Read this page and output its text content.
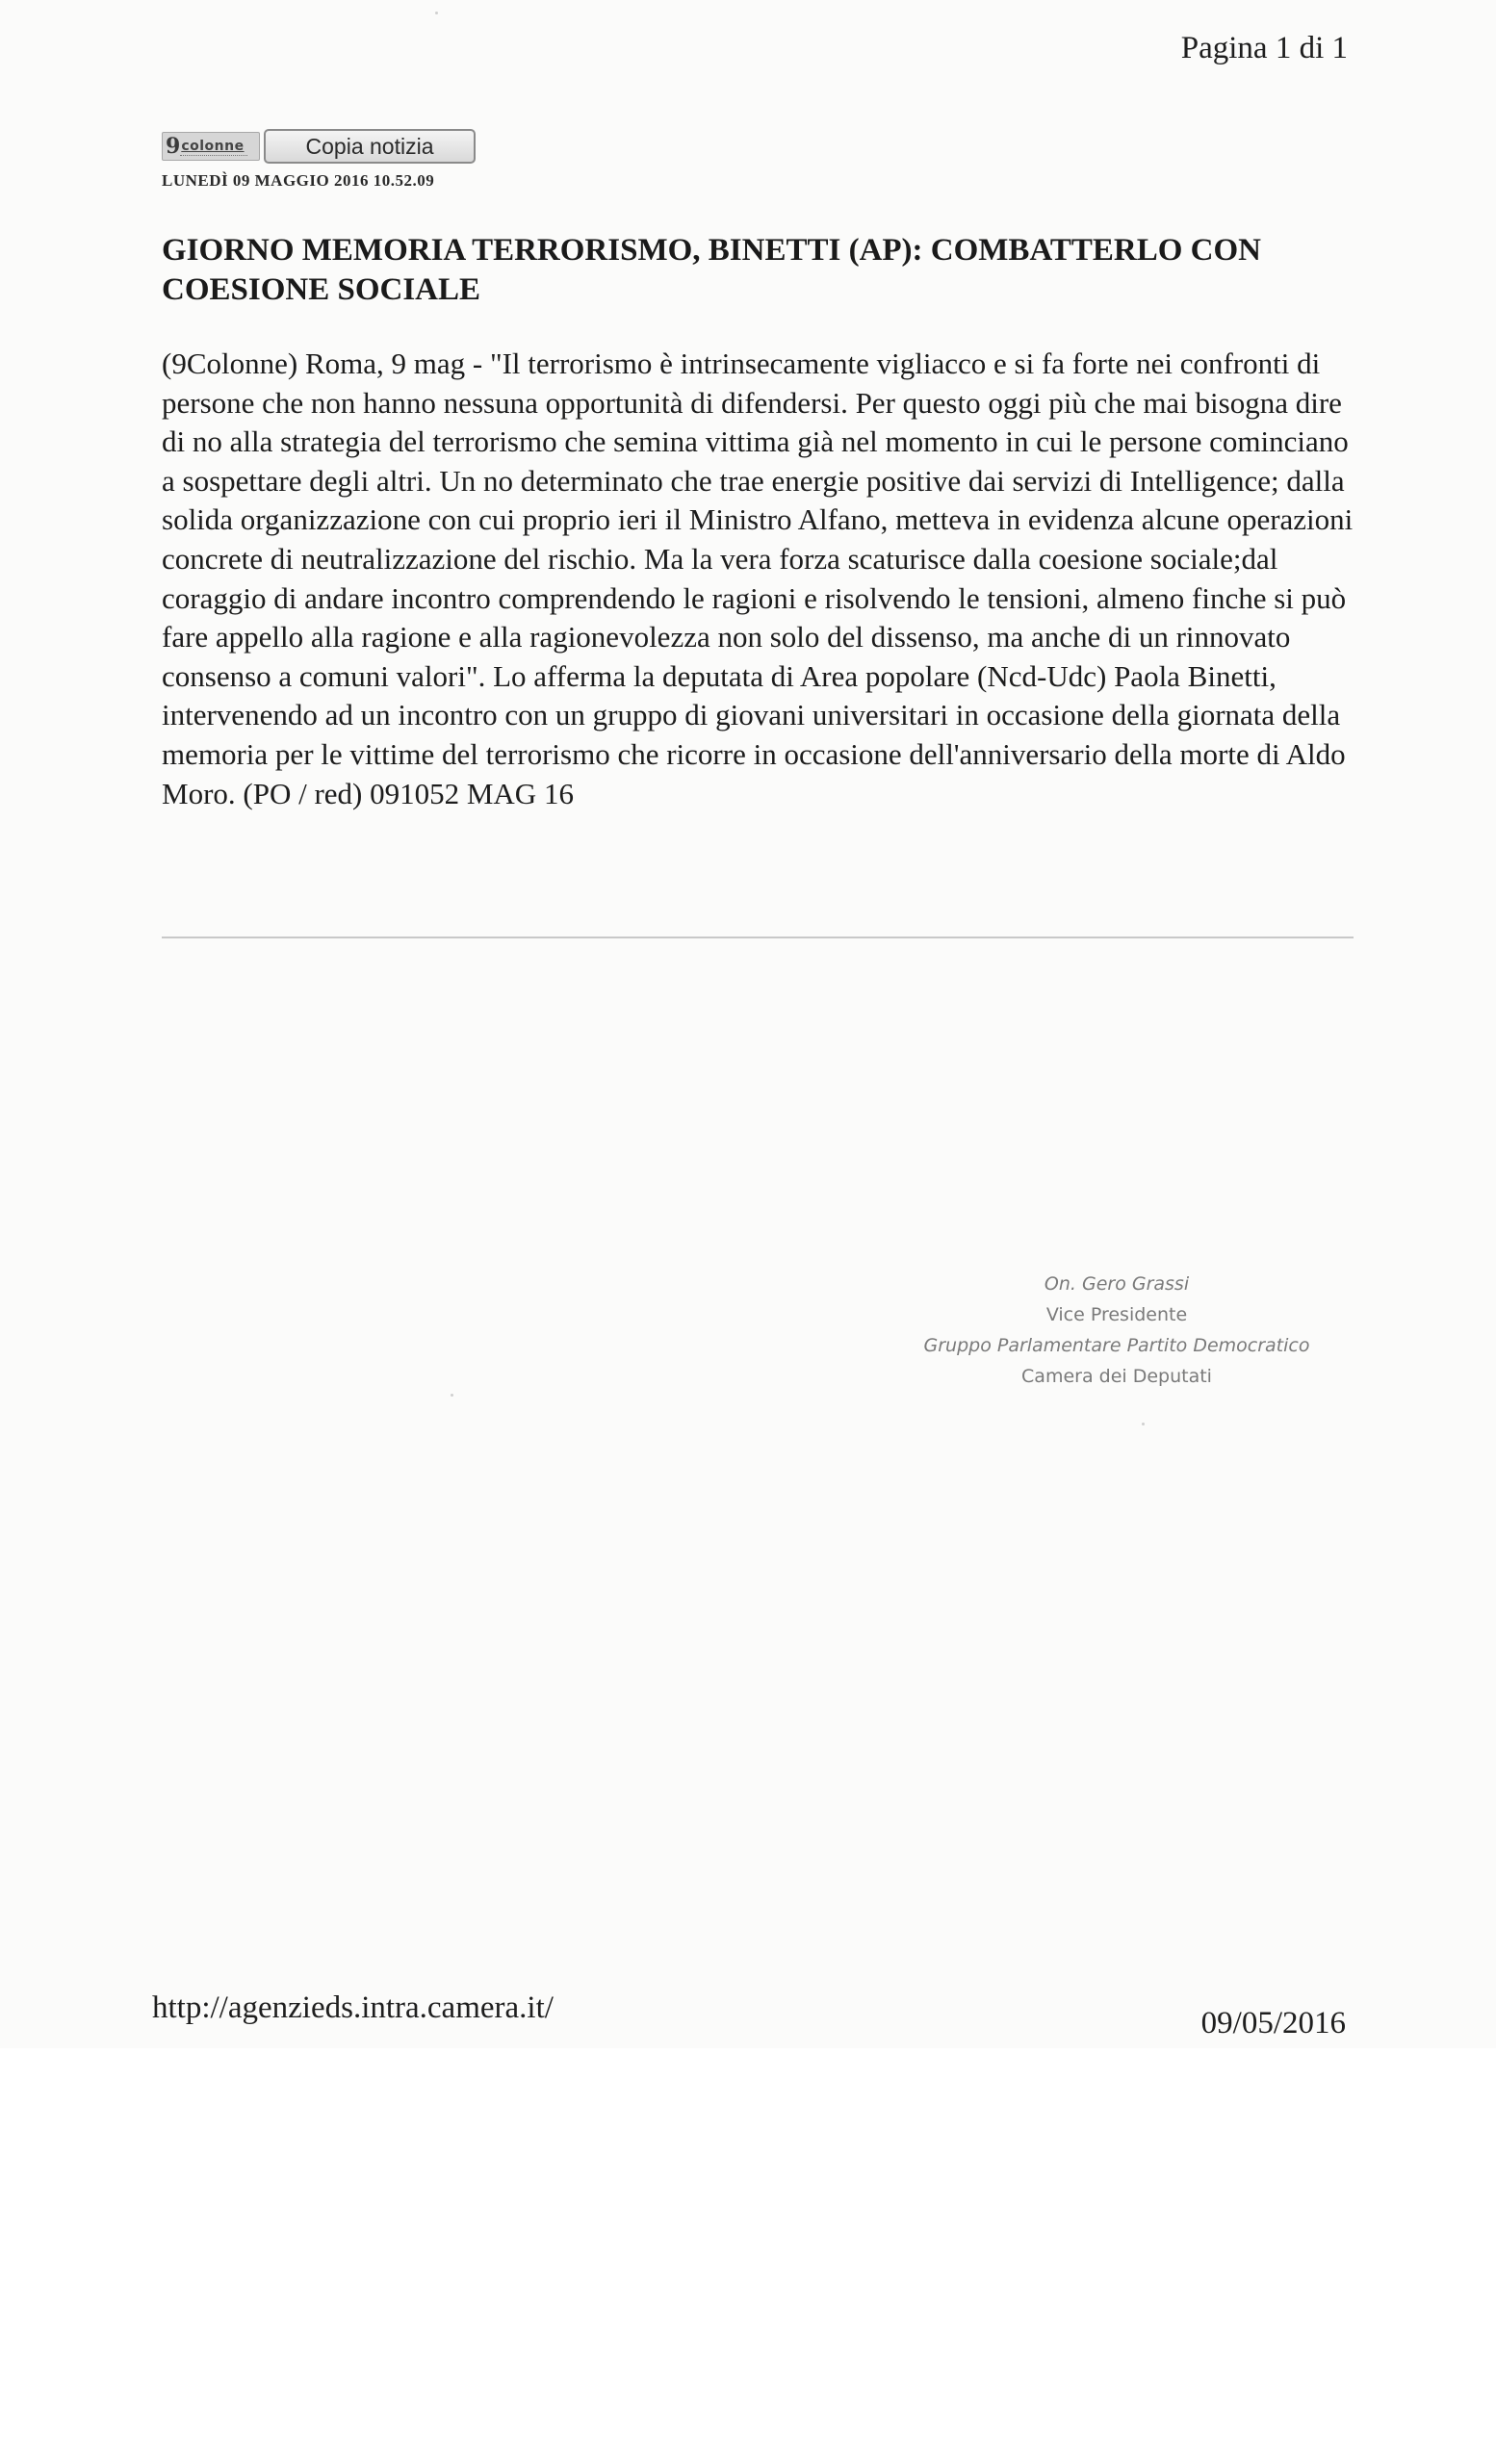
Pagina 1 di 1
9 colonne	Copia notizia
LUNEDÌ 09 MAGGIO 2016 10.52.09
GIORNO MEMORIA TERRORISMO, BINETTI (AP): COMBATTERLO CON COESIONE SOCIALE

(9Colonne) Roma, 9 mag - "Il terrorismo è intrinsecamente vigliacco e si fa forte nei confronti di persone che non hanno nessuna opportunità di difendersi. Per questo oggi più che mai bisogna dire di no alla strategia del terrorismo che semina vittima già nel momento in cui le persone cominciano a sospettare degli altri. Un no determinato che trae energie positive dai servizi di Intelligence; dalla solida organizzazione con cui proprio ieri il Ministro Alfano, metteva in evidenza alcune operazioni concrete di neutralizzazione del rischio. Ma la vera forza scaturisce dalla coesione sociale;dal coraggio di andare incontro comprendendo le ragioni e risolvendo le tensioni, almeno finche si può fare appello alla ragione e alla ragionevolezza non solo del dissenso, ma anche di un rinnovato consenso a comuni valori". Lo afferma la deputata di Area popolare (Ncd-Udc) Paola Binetti, intervenendo ad un incontro con un gruppo di giovani universitari in occasione della giornata della memoria per le vittime del terrorismo che ricorre in occasione dell'anniversario della morte di Aldo Moro. (PO / red) 091052 MAG 16

On. Gero Grassi
Vice Presidente
Gruppo Parlamentare Partito Democratico
Camera dei Deputati
http://agenzieds.intra.camera.it/	09/05/2016
